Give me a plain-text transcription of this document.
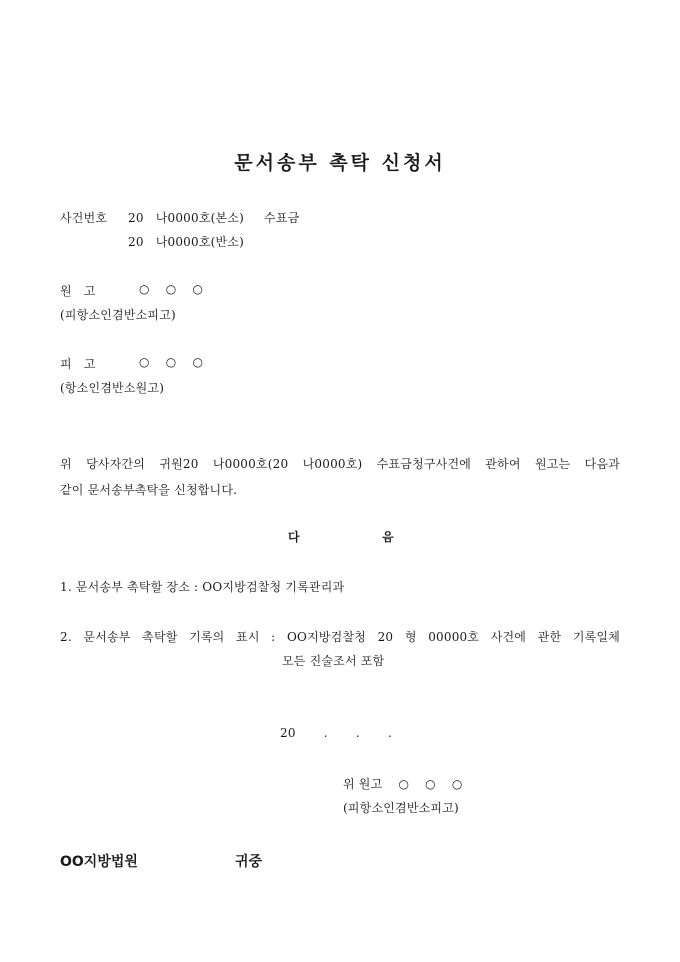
문서송부 촉탁 신청서
사건번호 20   나0000호(본소)     수표금
20   나0000호(반소)
원   고	○    ○    ○
(피항소인겸반소피고)
피   고	○    ○    ○
(항소인겸반소원고)
위 당사자간의 귀원20 나0000호(20 나0000호) 수표금청구사건에 관하여 원고는 다음과
같이 문서송부촉탁을 신청합니다.
다	음
1. 문서송부 촉탁할 장소 : OO지방검찰청 기록관리과
2. 문서송부 촉탁할 기록의 표시 : OO지방검찰청 20 형 00000호 사건에 관한 기록일체
모든 진술조서 포함
20       .       .       .
위 원고    ○    ○    ○
(피항소인겸반소피고)
OO지방법원	귀중
